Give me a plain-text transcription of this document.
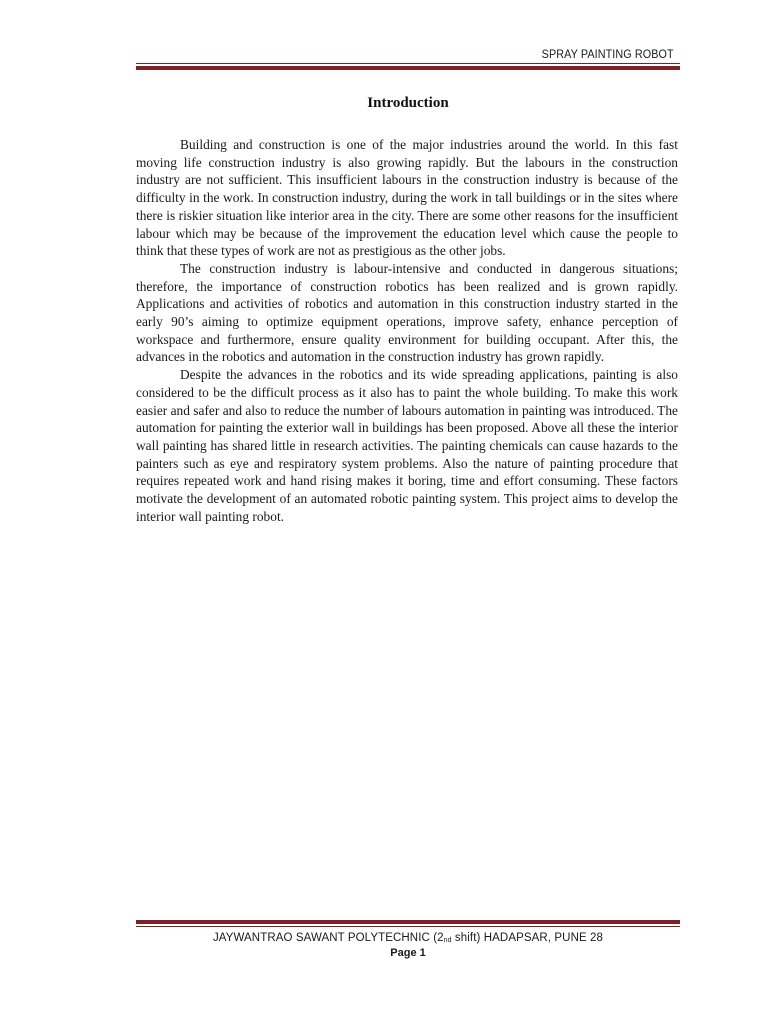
SPRAY PAINTING ROBOT
Introduction

Building and construction is one of the major industries around the world. In this fast moving life construction industry is also growing rapidly. But the labours in the construction industry are not sufficient. This insufficient labours in the construction industry is because of the difficulty in the work. In construction industry, during the work in tall buildings or in the sites where there is riskier situation like interior area in the city. There are some other reasons for the insufficient labour which may be because of the improvement the education level which cause the people to think that these types of work are not as prestigious as the other jobs.

The construction industry is labour-intensive and conducted in dangerous situations; therefore, the importance of construction robotics has been realized and is grown rapidly. Applications and activities of robotics and automation in this construction industry started in the early 90’s aiming to optimize equipment operations, improve safety, enhance perception of workspace and furthermore, ensure quality environment for building occupant. After this, the advances in the robotics and automation in the construction industry has grown rapidly.

Despite the advances in the robotics and its wide spreading applications, painting is also considered to be the difficult process as it also has to paint the whole building. To make this work easier and safer and also to reduce the number of labours automation in painting was introduced. The automation for painting the exterior wall in buildings has been proposed. Above all these the interior wall painting has shared little in research activities. The painting chemicals can cause hazards to the painters such as eye and respiratory system problems. Also the nature of painting procedure that requires repeated work and hand rising makes it boring, time and effort consuming. These factors motivate the development of an automated robotic painting system. This project aims to develop the interior wall painting robot.

JAYWANTRAO SAWANT POLYTECHNIC ($2_{nd}$ shift) HADAPSAR, PUNE 28
Page 1
